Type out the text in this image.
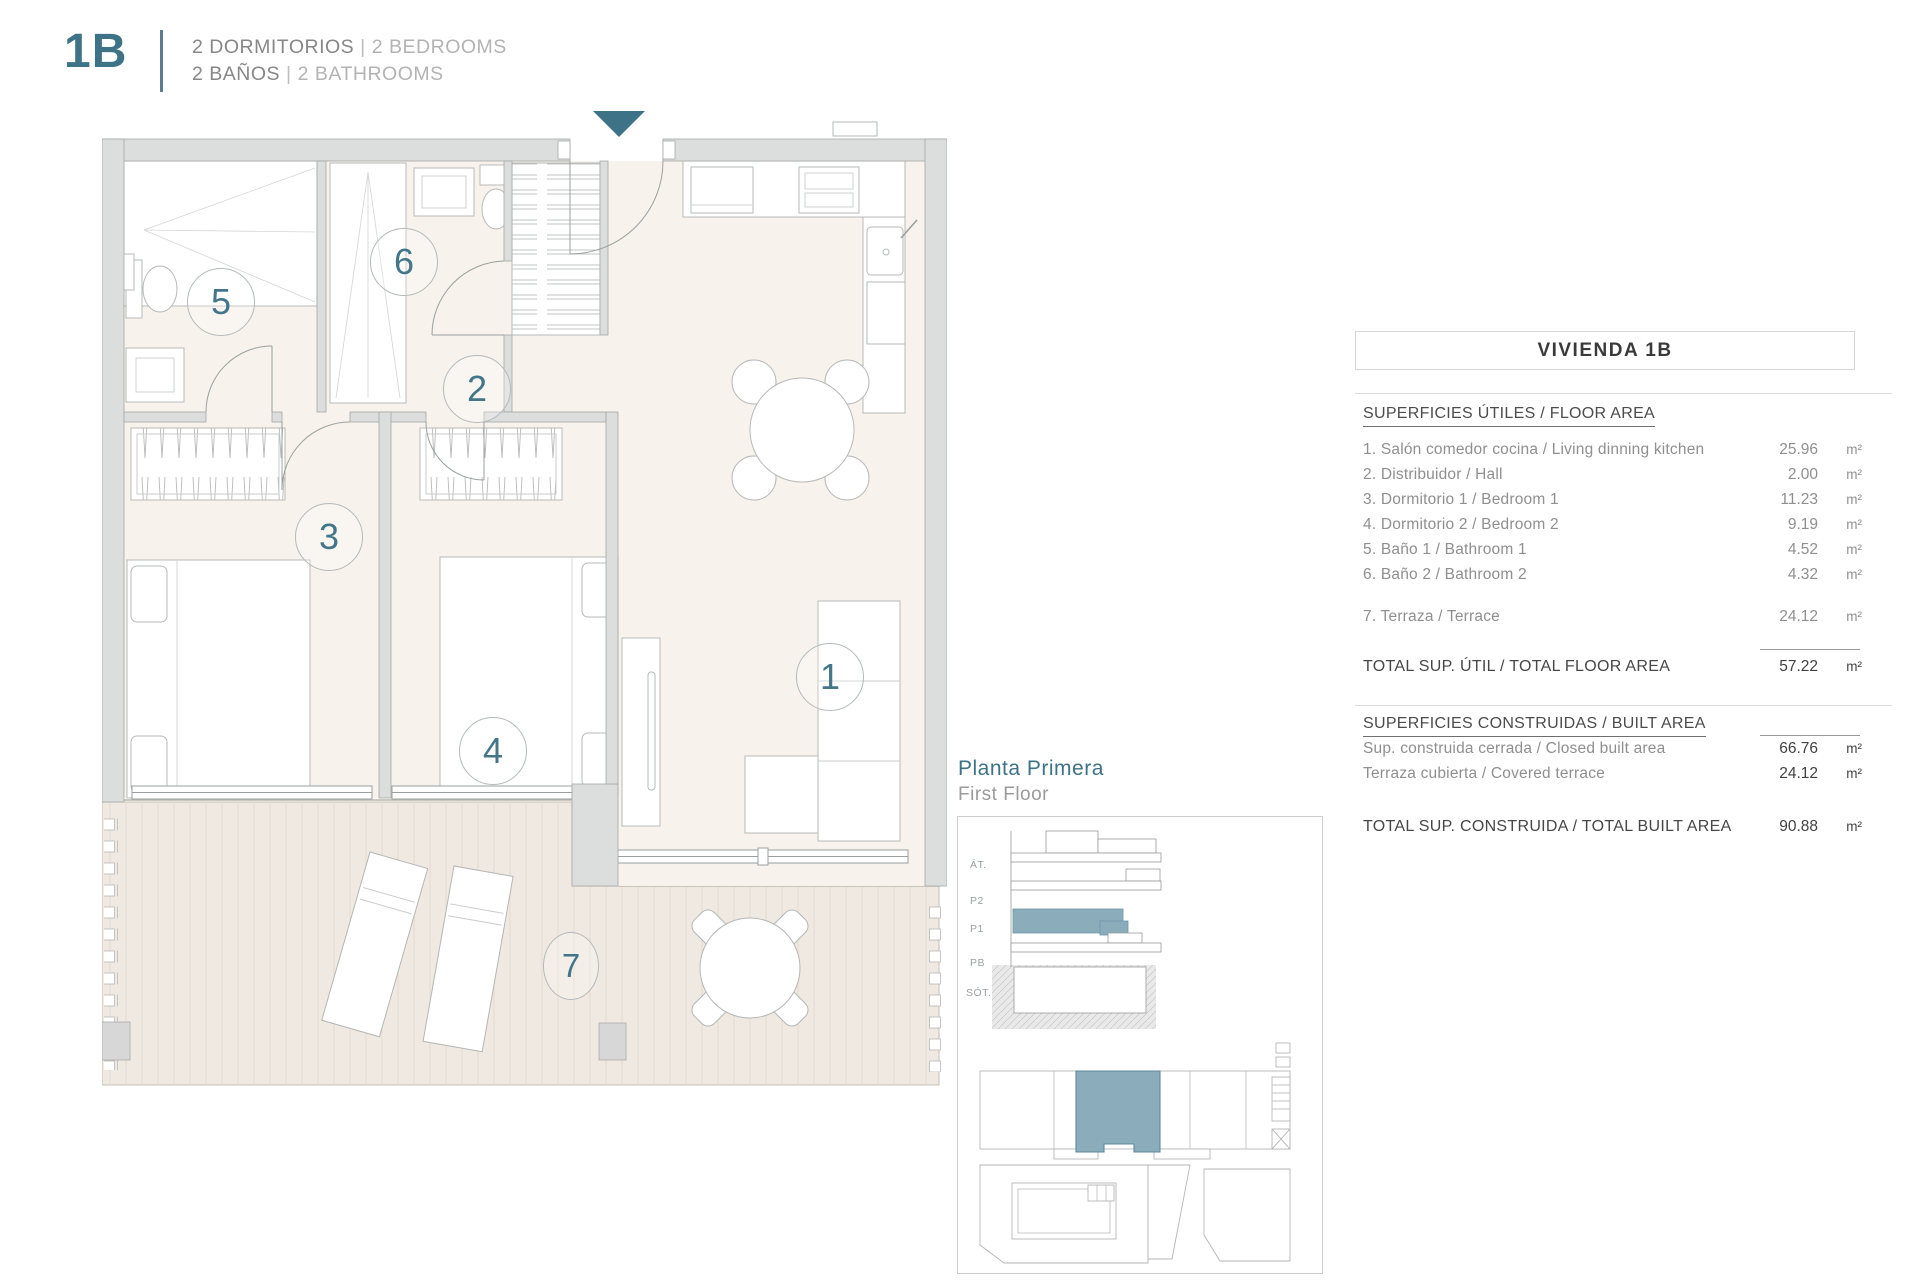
1B	2 DORMITORIOS | 2 BEDROOMS
2 BAÑOS | 2 BATHROOMS
1
2
3
4
5
6
7
Planta Primera
First Floor
ÁT.
P2
P1
PB
SÓT.
VIVIENDA 1B
SUPERFICIES ÚTILES / FLOOR AREA
1. Salón comedor cocina / Living dinning kitchen	25.96	m²
2. Distribuidor / Hall	2.00	m²
3. Dormitorio 1 / Bedroom 1	11.23	m²
4. Dormitorio 2 / Bedroom 2	9.19	m²
5. Baño 1 / Bathroom 1	4.52	m²
6. Baño 2 / Bathroom 2	4.32	m²
7. Terraza / Terrace	24.12	m²
TOTAL SUP. ÚTIL / TOTAL FLOOR AREA	57.22	m²
SUPERFICIES CONSTRUIDAS / BUILT AREA
Sup. construida cerrada / Closed built area	66.76	m²
Terraza cubierta / Covered terrace	24.12	m²
TOTAL SUP. CONSTRUIDA / TOTAL BUILT AREA	90.88	m²
